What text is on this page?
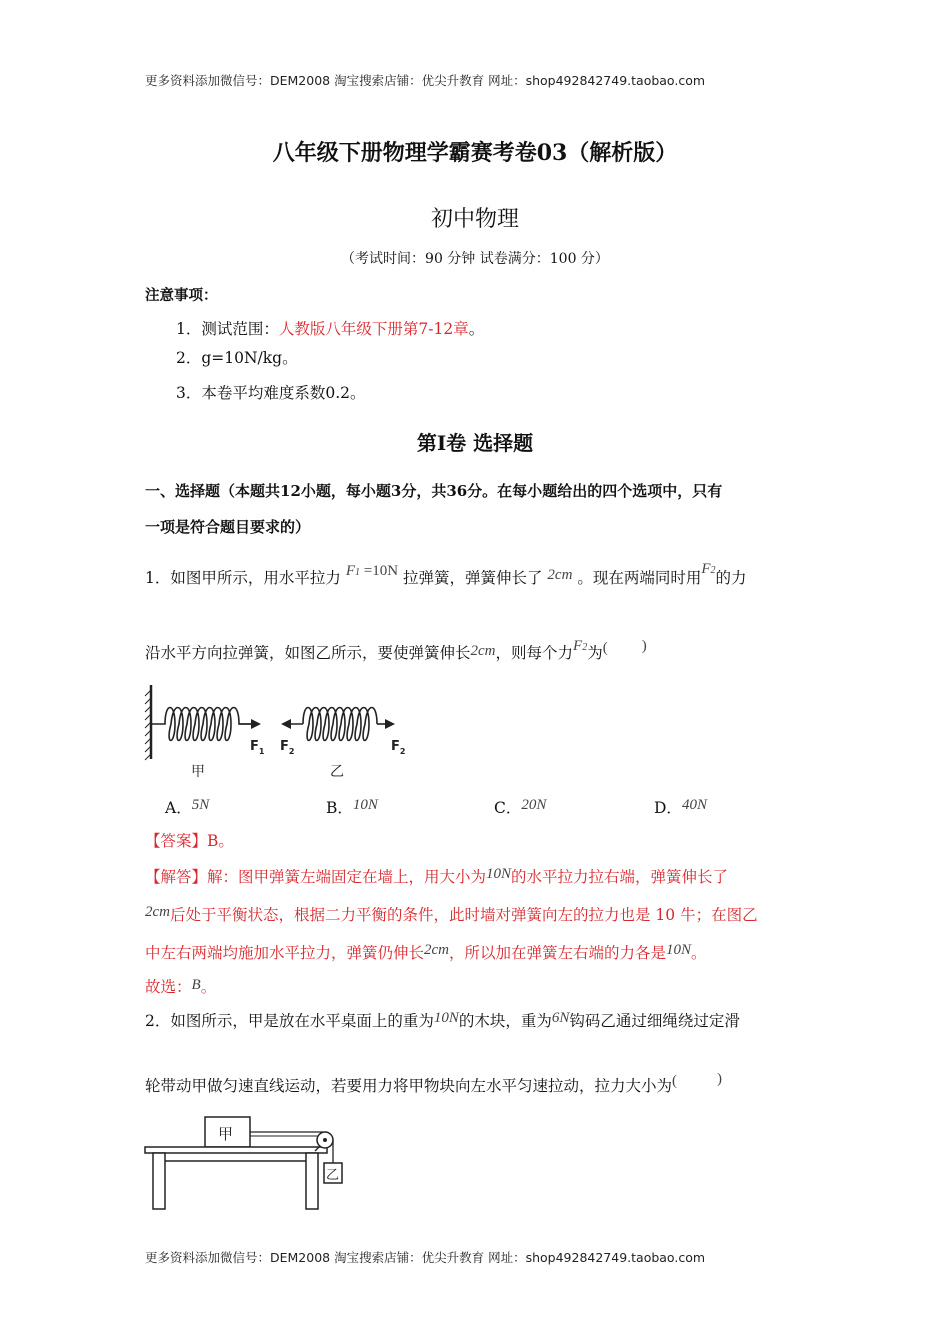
更多资料添加微信号：DEM2008 淘宝搜索店铺：优尖升教育 网址：shop492842749.taobao.com
八年级下册物理学霸赛考卷03（解析版）
初中物理
（考试时间：90 分钟 试卷满分：100 分）
注意事项：
1．测试范围：人教版八年级下册第7-12章。
2．g=10N/kg。
3．本卷平均难度系数0.2。
第Ⅰ卷 选择题
一、选择题（本题共12小题，每小题3分，共36分。在每小题给出的四个选项中，只有
一项是符合题目要求的）
1．如图甲所示，用水平拉力 F1 =10N 拉弹簧，弹簧伸长了 2cm 。现在两端同时用F2的力
沿水平方向拉弹簧，如图乙所示，要使弹簧伸长2cm，则每个力F2为( )
$F_1$
甲
$F_2$	$F_2$
乙
A．5N	B．10N	C．20N	D．40N
【答案】B。
【解答】解：图甲弹簧左端固定在墙上，用大小为10N的水平拉力拉右端，弹簧伸长了
2cm后处于平衡状态，根据二力平衡的条件，此时墙对弹簧向左的拉力也是 10 牛；在图乙
中左右两端均施加水平拉力，弹簧仍伸长2cm，所以加在弹簧左右端的力各是10N。
故选：B。
2．如图所示，甲是放在水平桌面上的重为10N的木块，重为6N钩码乙通过细绳绕过定滑
轮带动甲做匀速直线运动，若要用力将甲物块向左水平匀速拉动，拉力大小为(	)
甲
乙
更多资料添加微信号：DEM2008 淘宝搜索店铺：优尖升教育 网址：shop492842749.taobao.com
